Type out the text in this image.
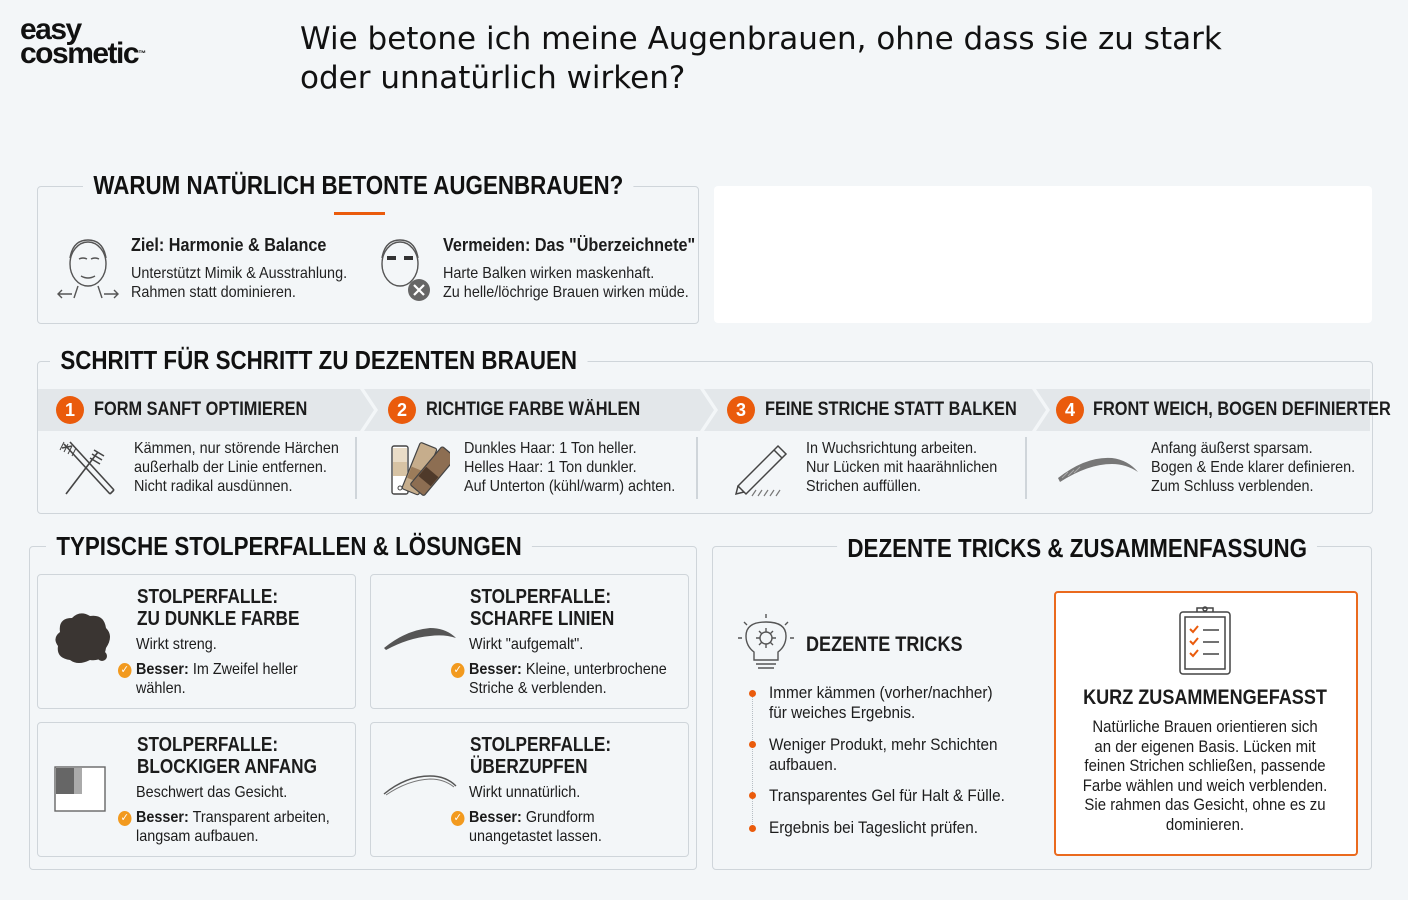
easy
cosmetic™	Wie betone ich meine Augenbrauen, ohne dass sie zu stark
oder unnatürlich wirken?
WARUM NATÜRLICH BETONTE AUGENBRAUEN?
Ziel: Harmonie & Balance
Unterstützt Mimik & Ausstrahlung.
Rahmen statt dominieren.
Vermeiden: Das "Überzeichnete"
Harte Balken wirken maskenhaft.
Zu helle/löchrige Brauen wirken müde.
SCHRITT FÜR SCHRITT ZU DEZENTEN BRAUEN
1	FORM SANFT OPTIMIEREN	2	RICHTIGE FARBE WÄHLEN	3	FEINE STRICHE STATT BALKEN	4 FRONT WEICH, BOGEN DEFINIERTER
Kämmen, nur störende Härchen
außerhalb der Linie entfernen.
Nicht radikal ausdünnen.
Dunkles Haar: 1 Ton heller.
Helles Haar: 1 Ton dunkler.
Auf Unterton (kühl/warm) achten.
In Wuchsrichtung arbeiten.
Nur Lücken mit haarähnlichen
Strichen auffüllen.
Anfang äußerst sparsam.
Bogen & Ende klarer definieren.
Zum Schluss verblenden.
TYPISCHE STOLPERFALLEN & LÖSUNGEN
STOLPERFALLE:
ZU DUNKLE FARBE
Wirkt streng.
✓ Besser: Im Zweifel heller
wählen.
STOLPERFALLE:
SCHARFE LINIEN
Wirkt "aufgemalt".
✓ Besser: Kleine, unterbrochene
Striche & verblenden.
STOLPERFALLE:
BLOCKIGER ANFANG
Beschwert das Gesicht.
✓ Besser: Transparent arbeiten,
langsam aufbauen.
STOLPERFALLE:
ÜBERZUPFEN
Wirkt unnatürlich.
✓ Besser: Grundform
unangetastet lassen.
DEZENTE TRICKS & ZUSAMMENFASSUNG
DEZENTE TRICKS
Immer kämmen (vorher/nachher)
für weiches Ergebnis.
Weniger Produkt, mehr Schichten
aufbauen.
Transparentes Gel für Halt & Fülle.
Ergebnis bei Tageslicht prüfen.
KURZ ZUSAMMENGEFASST
Natürliche Brauen orientieren sich
an der eigenen Basis. Lücken mit
feinen Strichen schließen, passende
Farbe wählen und weich verblenden.
Sie rahmen das Gesicht, ohne es zu
dominieren.
